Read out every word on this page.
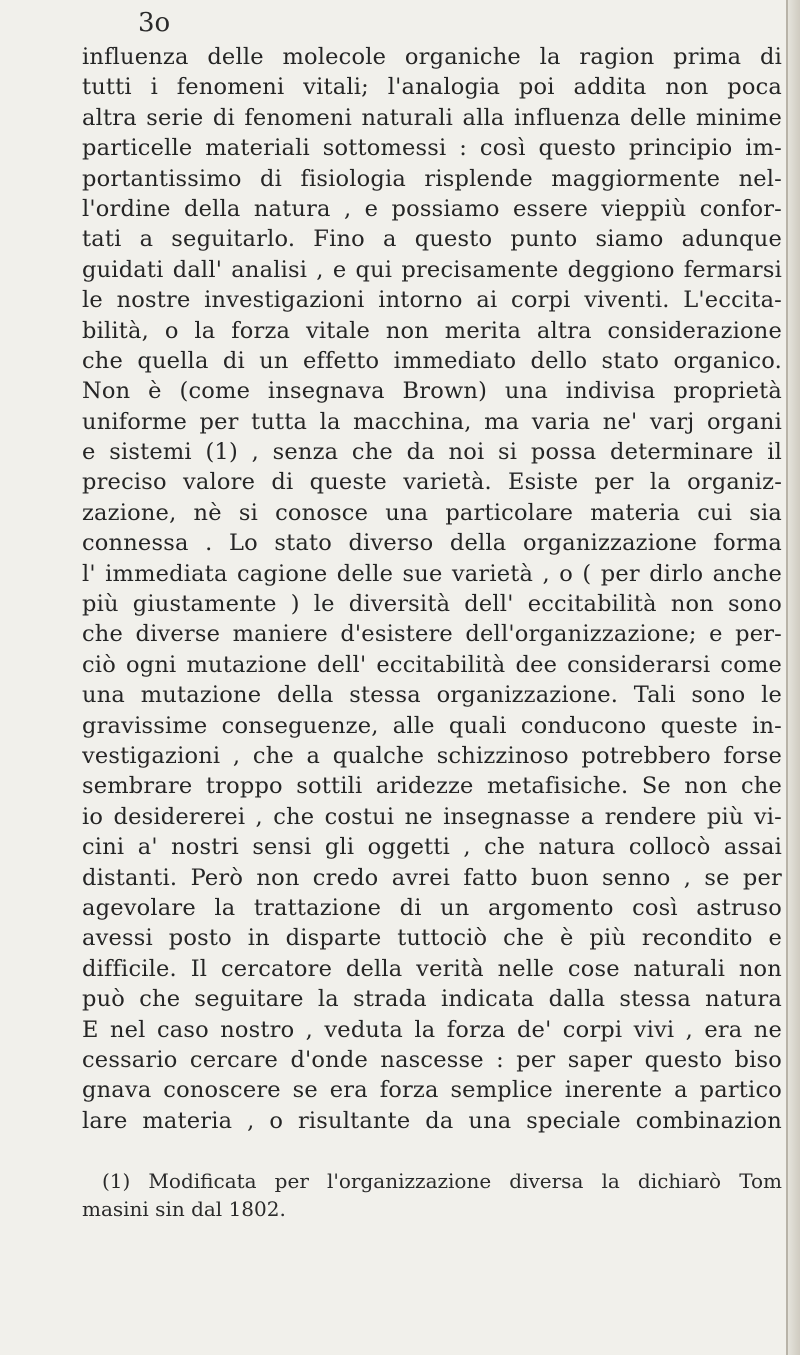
3o

influenza delle molecole organiche la ragion prima di
tutti i fenomeni vitali; l'analogia poi addita non poca
altra serie di fenomeni naturali alla influenza delle minime
particelle materiali sottomessi : così questo principio im-
portantissimo di fisiologia risplende maggiormente nel-
l'ordine della natura , e possiamo essere vieppiù confor-
tati a seguitarlo. Fino a questo punto siamo adunque
guidati dall' analisi , e qui precisamente deggiono fermarsi
le nostre investigazioni intorno ai corpi viventi. L'eccita-
bilità, o la forza vitale non merita altra considerazione
che quella di un effetto immediato dello stato organico.
Non è (come insegnava Brown) una indivisa proprietà
uniforme per tutta la macchina, ma varia ne' varj organi
e sistemi (1) , senza che da noi si possa determinare il
preciso valore di queste varietà. Esiste per la organiz-
zazione, nè si conosce una particolare materia cui sia
connessa . Lo stato diverso della organizzazione forma
l' immediata cagione delle sue varietà , o ( per dirlo anche
più giustamente ) le diversità dell' eccitabilità non sono
che diverse maniere d'esistere dell'organizzazione; e per-
ciò ogni mutazione dell' eccitabilità dee considerarsi come
una mutazione della stessa organizzazione. Tali sono le
gravissime conseguenze, alle quali conducono queste in-
vestigazioni , che a qualche schizzinoso potrebbero forse
sembrare troppo sottili aridezze metafisiche. Se non che
io desidererei , che costui ne insegnasse a rendere più vi-
cini a' nostri sensi gli oggetti , che natura collocò assai
distanti. Però non credo avrei fatto buon senno , se per
agevolare la trattazione di un argomento così astruso
avessi posto in disparte tuttociò che è più recondito e
difficile. Il cercatore della verità nelle cose naturali non
può che seguitare la strada indicata dalla stessa natura
E nel caso nostro , veduta la forza de' corpi vivi , era ne
cessario cercare d'onde nascesse : per saper questo biso
gnava conoscere se era forza semplice inerente a partico
lare materia , o risultante da una speciale combinazion
(1) Modificata per l'organizzazione diversa la dichiarò Tom
masini sin dal 1802.
